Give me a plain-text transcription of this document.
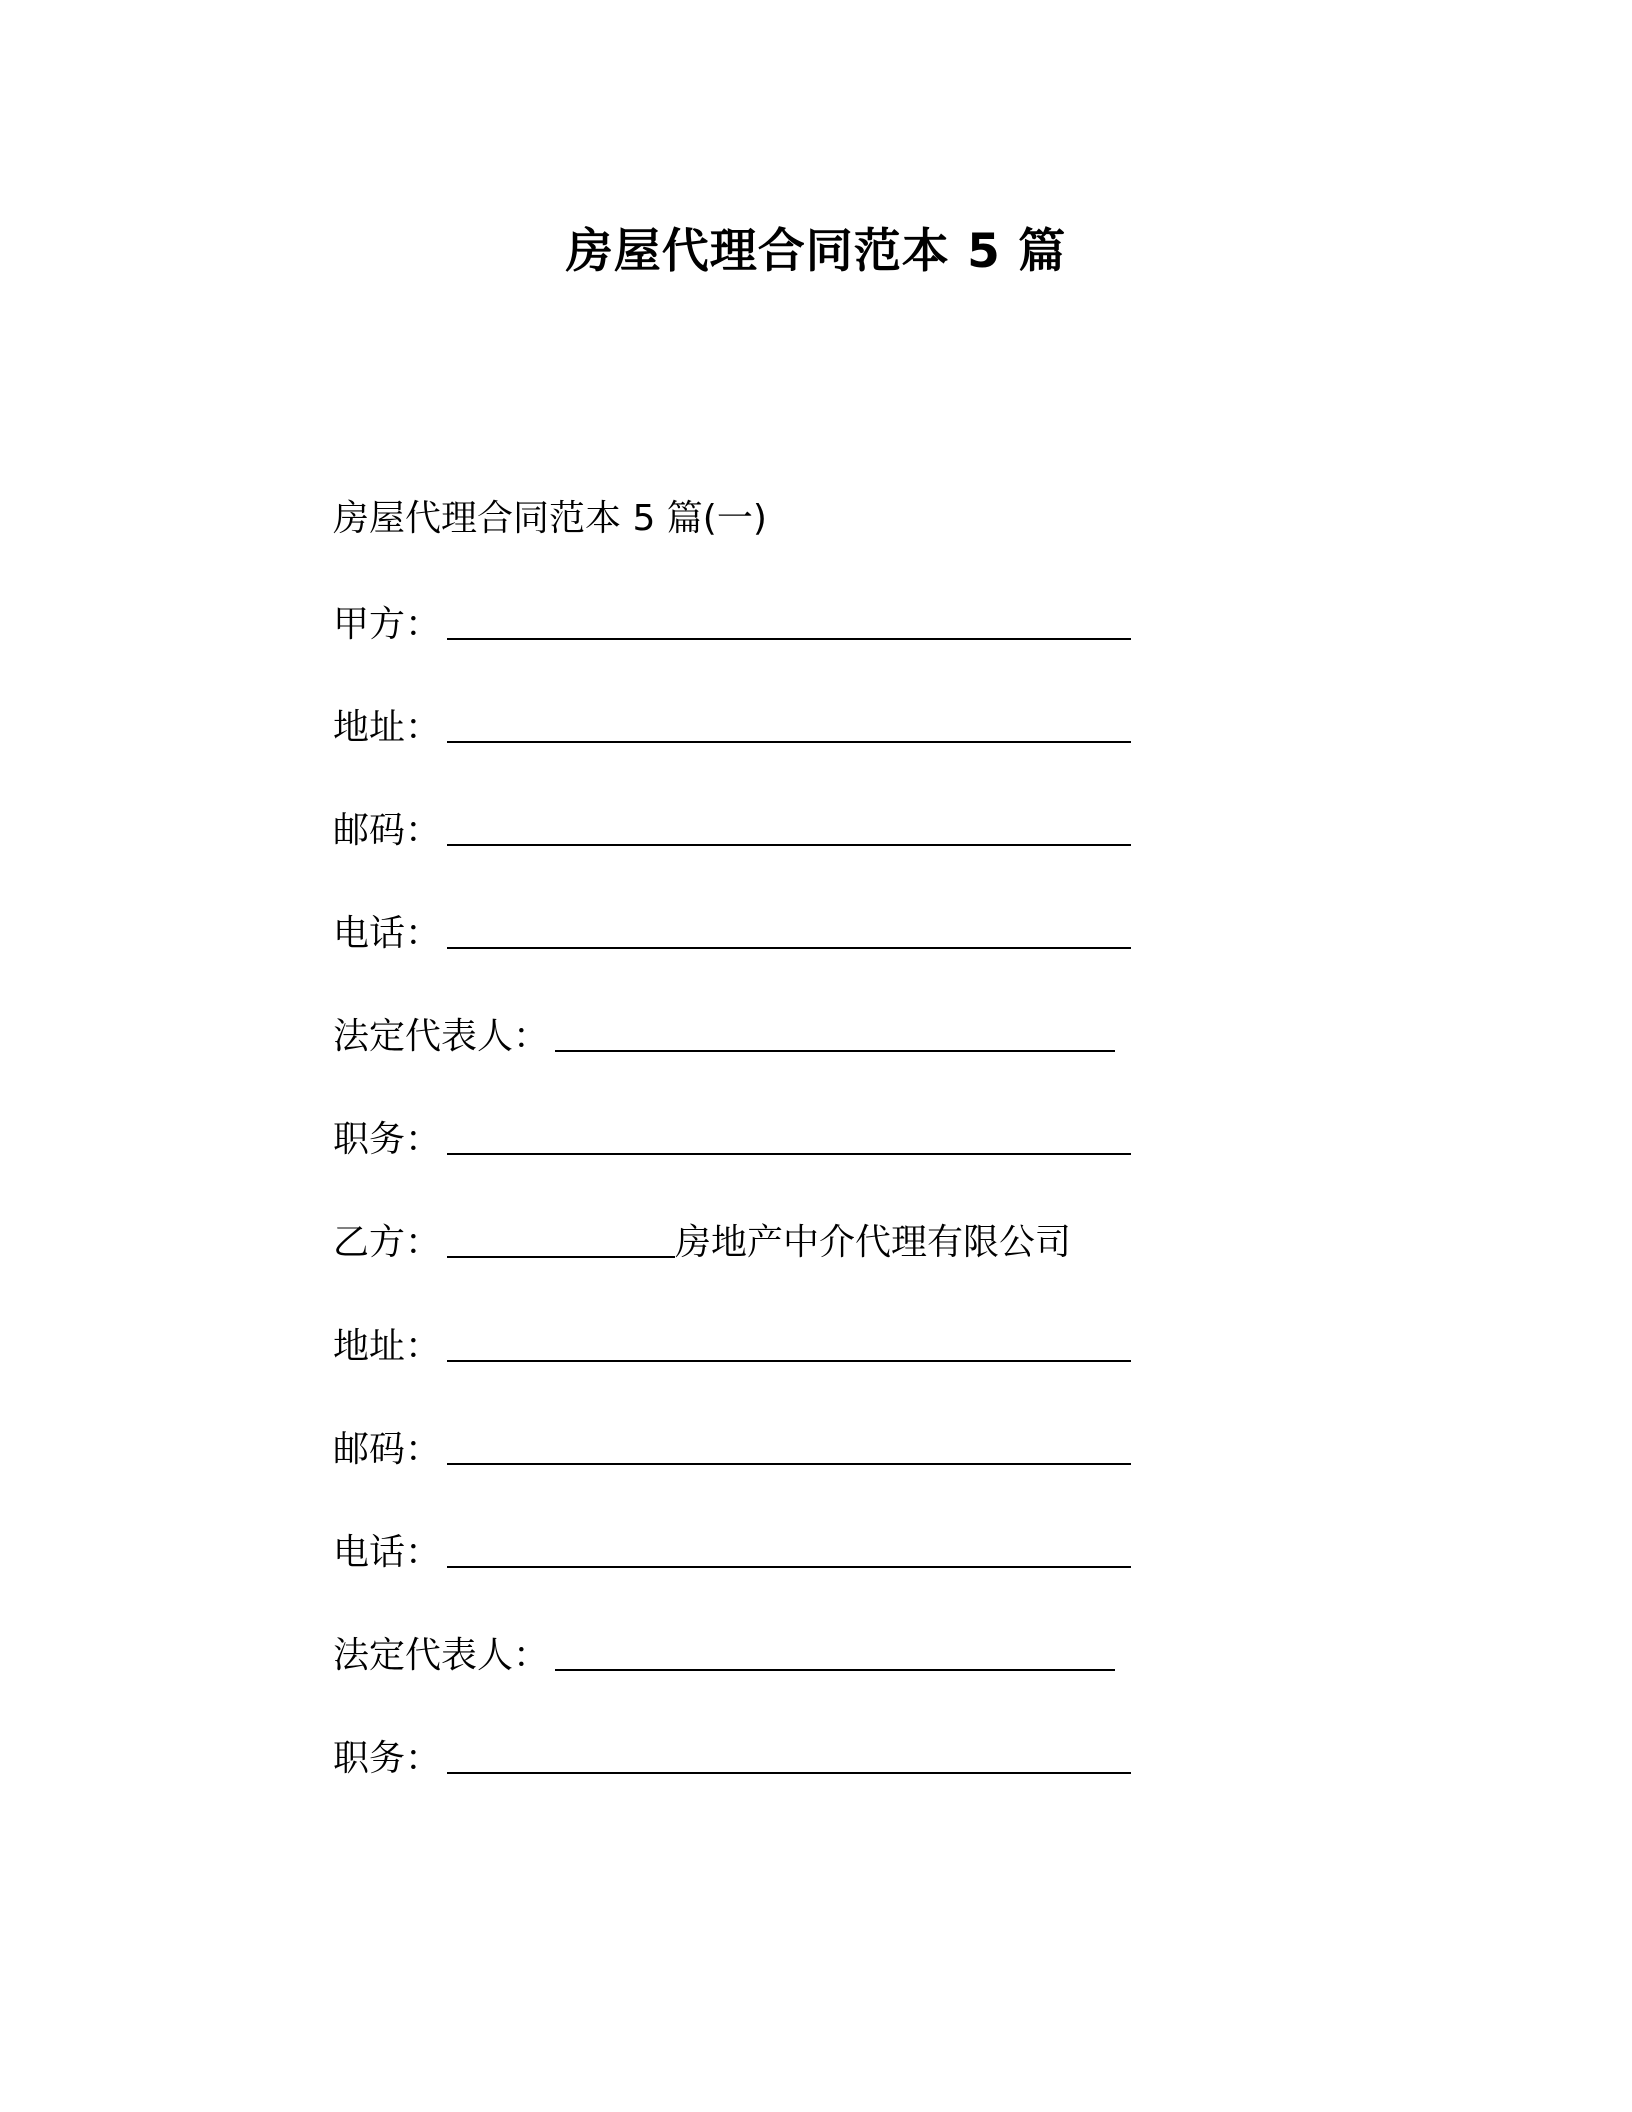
房屋代理合同范本 5 篇
房屋代理合同范本 5 篇(一)
甲方：
地址：
邮码：
电话：
法定代表人：
职务：
乙方：	房地产中介代理有限公司
地址：
邮码：
电话：
法定代表人：
职务：
